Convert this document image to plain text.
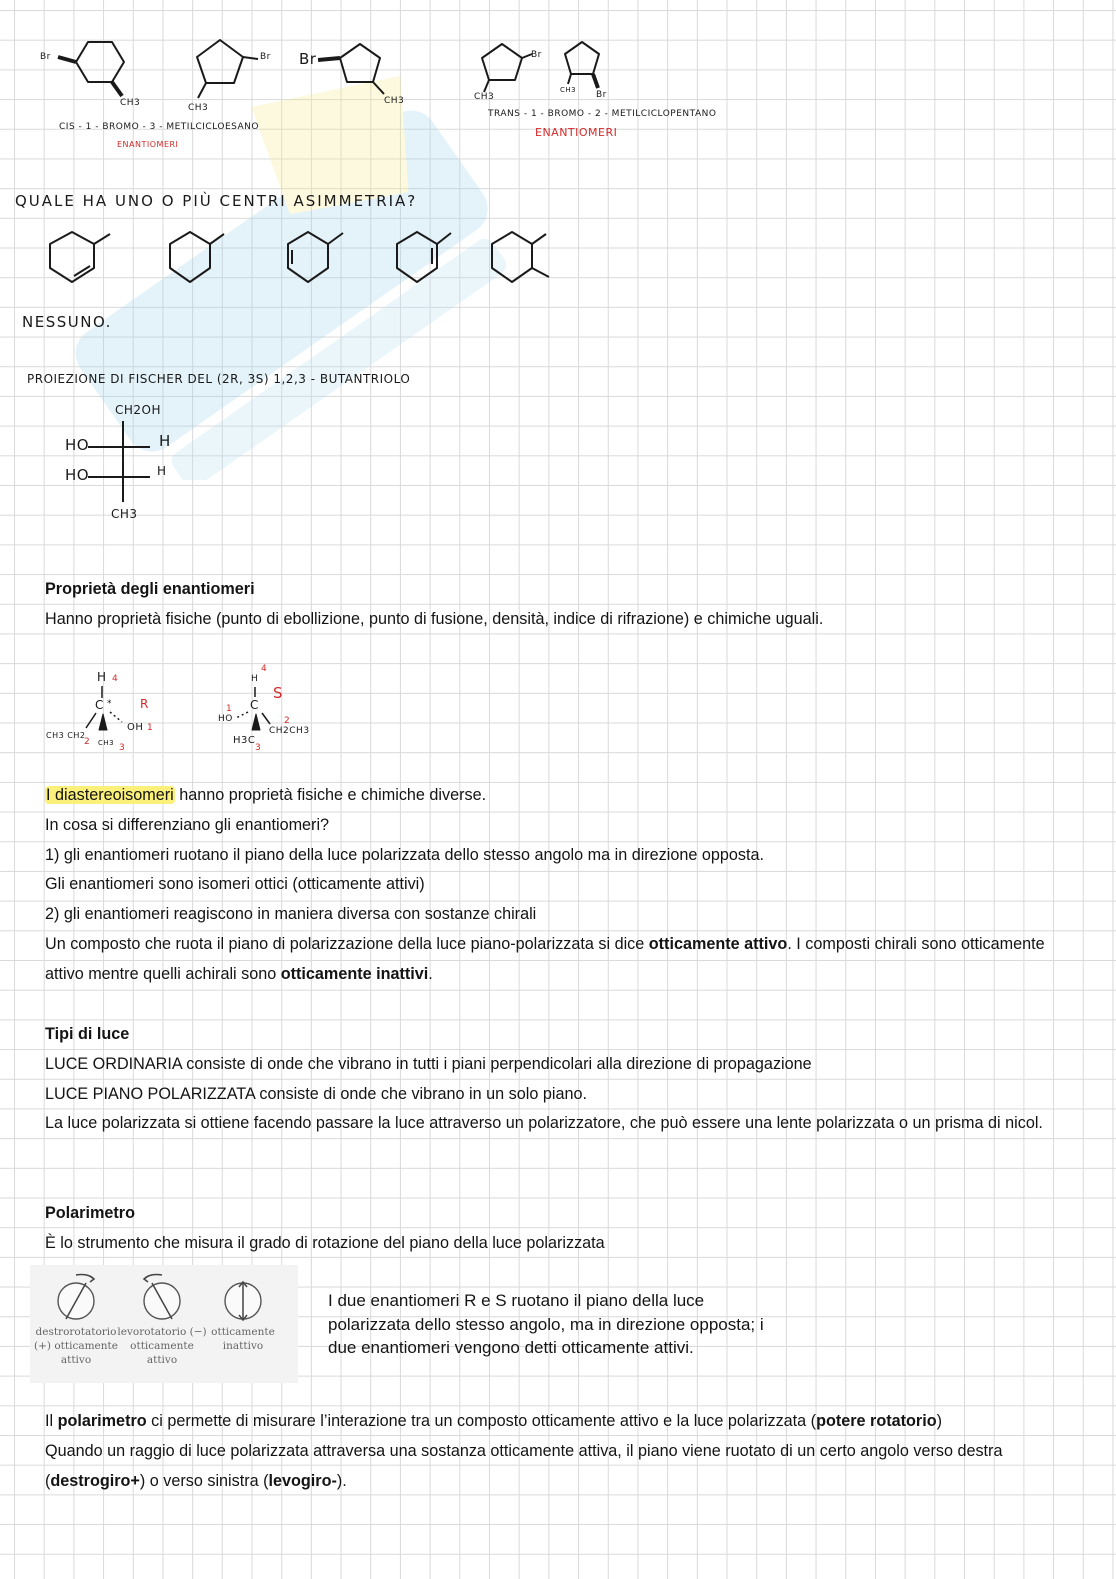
Br
CH3	CH3
Br Br
CH3	CH3
Br
CH3 Br
CIS - 1 - BROMO - 3 - METILCICLOESANO
ENANTIOMERI
TRANS - 1 - BROMO - 2 - METILCICLOPENTANO
ENANTIOMERI
QUALE HA UNO O PIÙ CENTRI ASIMMETRIA?
NESSUNO.
PROIEZIONE DI FISCHER DEL (2R, 3S) 1,2,3 - BUTANTRIOLO
CH2OH
CH3
HO
HO
H
H

Proprietà degli enantiomeri

Hanno proprietà fisiche (punto di ebollizione, punto di fusione, densità, indice di rifrazione) e chimiche uguali.

H 4
C * R
OH 1
CH3 CH2
2 CH3 3
H
4
S
C
1
HO	2
CH2CH3
H3C
3

I diastereoisomeri hanno proprietà fisiche e chimiche diverse.

In cosa si differenziano gli enantiomeri?

1) gli enantiomeri ruotano il piano della luce polarizzata dello stesso angolo ma in direzione opposta.

Gli enantiomeri sono isomeri ottici (otticamente attivi)

2) gli enantiomeri reagiscono in maniera diversa con sostanze chirali

Un composto che ruota il piano di polarizzazione della luce piano-polarizzata si dice otticamente attivo. I composti chirali sono otticamente attivo mentre quelli achirali sono otticamente inattivi.

Tipi di luce

LUCE ORDINARIA consiste di onde che vibrano in tutti i piani perpendicolari alla direzione di propagazione

LUCE PIANO POLARIZZATA consiste di onde che vibrano in un solo piano.

La luce polarizzata si ottiene facendo passare la luce attraverso un polarizzatore, che può essere una lente polarizzata o un prisma di nicol.

Polarimetro

È lo strumento che misura il grado di rotazione del piano della luce polarizzata

destrorotatorio (+) otticamente attivo
levorotatorio (−) otticamente attivo
otticamente inattivo

I due enantiomeri R e S ruotano il piano della luce polarizzata dello stesso angolo, ma in direzione opposta; i due enantiomeri vengono detti otticamente attivi.

Il polarimetro ci permette di misurare l’interazione tra un composto otticamente attivo e la luce polarizzata (potere rotatorio)

Quando un raggio di luce polarizzata attraversa una sostanza otticamente attiva, il piano viene ruotato di un certo angolo verso destra (destrogiro+) o verso sinistra (levogiro-).
